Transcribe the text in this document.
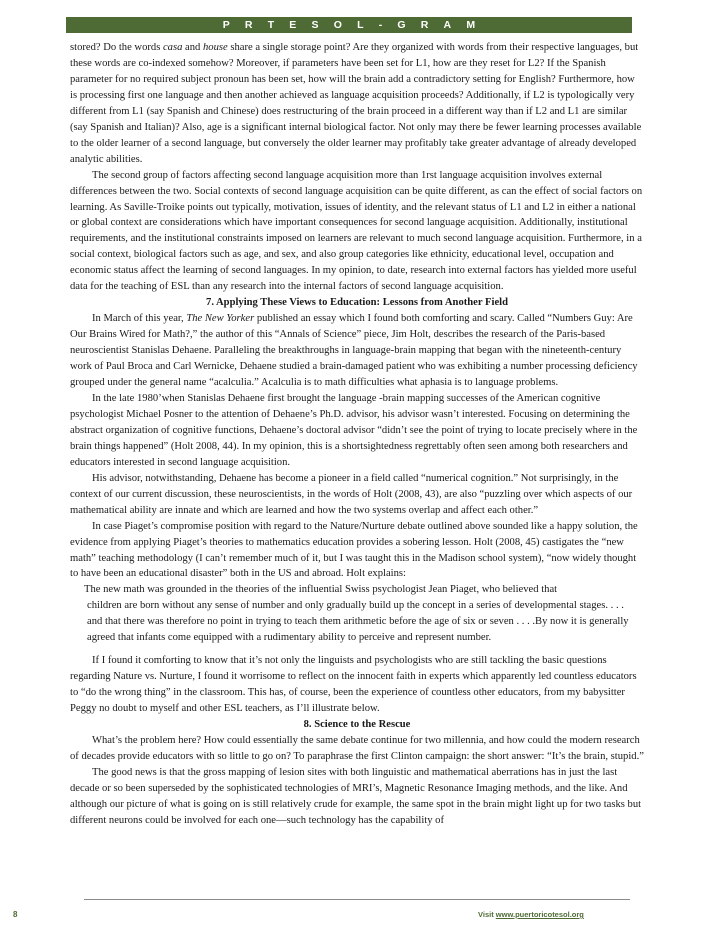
PRTESOL-GRAM

stored? Do the words casa and house share a single storage point? Are they organized with words from their respective languages, but these words are co-indexed somehow? Moreover, if parameters have been set for L1, how are they reset for L2? If the Spanish parameter for no required subject pronoun has been set, how will the brain add a contradictory setting for English? Furthermore, how is processing first one language and then another achieved as language acquisition proceeds? Additionally, if L2 is typologically very different from L1 (say Spanish and Chinese) does restructuring of the brain proceed in a different way than if L2 and L1 are similar (say Spanish and Italian)? Also, age is a significant internal biological factor. Not only may there be fewer learning processes available to the older learner of a second language, but conversely the older learner may profitably take greater advantage of already developed analytic abilities.

The second group of factors affecting second language acquisition more than 1rst language acquisition involves external differences between the two. Social contexts of second language acquisition can be quite different, as can the effect of social factors on learning. As Saville-Troike points out typically, motivation, issues of identity, and the relevant status of L1 and L2 in either a national or global context are considerations which have important consequences for second language acquisition. Additionally, institutional requirements, and the institutional constraints imposed on learners are relevant to much second language acquisition. Furthermore, in a social context, biological factors such as age, and sex, and also group categories like ethnicity, educational level, occupation and economic status affect the learning of second languages. In my opinion, to date, research into external factors has yielded more useful data for the teaching of ESL than any research into the internal factors of second language acquisition.

7. Applying These Views to Education: Lessons from Another Field

In March of this year, The New Yorker published an essay which I found both comforting and scary. Called “Numbers Guy: Are Our Brains Wired for Math?,” the author of this “Annals of Science” piece, Jim Holt, describes the research of the Paris-based neuroscientist Stanislas Dehaene. Paralleling the breakthroughs in language-brain mapping that began with the nineteenth-century work of Paul Broca and Carl Wernicke, Dehaene studied a brain-damaged patient who was exhibiting a number processing deficiency grouped under the general name “acalculia.” Acalculia is to math difficulties what aphasia is to language problems.

In the late 1980’when Stanislas Dehaene first brought the language -brain mapping successes of the American cognitive psychologist Michael Posner to the attention of Dehaene’s Ph.D. advisor, his advisor wasn’t interested. Focusing on determining the abstract organization of cognitive functions, Dehaene’s doctoral advisor “didn’t see the point of trying to locate precisely where in the brain things happened” (Holt 2008, 44). In my opinion, this is a shortsightedness regrettably often seen among both researchers and educators interested in second language acquisition.

His advisor, notwithstanding, Dehaene has become a pioneer in a field called “numerical cognition.” Not surprisingly, in the context of our current discussion, these neuroscientists, in the words of Holt (2008, 43), are also “puzzling over which aspects of our mathematical ability are innate and which are learned and how the two systems overlap and affect each other.”

In case Piaget’s compromise position with regard to the Nature/Nurture debate outlined above sounded like a happy solution, the evidence from applying Piaget’s theories to mathematics education provides a sobering lesson. Holt (2008, 45) castigates the “new math” teaching methodology (I can’t remember much of it, but I was taught this in the Madison school system), “now widely thought to have been an educational disaster” both in the US and abroad. Holt explains:

The new math was grounded in the theories of the influential Swiss psychologist Jean Piaget, who believed that

children are born without any sense of number and only gradually build up the concept in a series of developmental stages. . . . and that there was therefore no point in trying to teach them arithmetic before the age of six or seven . . . .By now it is generally agreed that infants come equipped with a rudimentary ability to perceive and represent number.

If I found it comforting to know that it’s not only the linguists and psychologists who are still tackling the basic questions regarding Nature vs. Nurture, I found it worrisome to reflect on the innocent faith in experts which apparently led countless educators to “do the wrong thing” in the classroom. This has, of course, been the experience of countless other educators, from my babysitter Peggy no doubt to myself and other ESL teachers, as I’ll illustrate below.

8. Science to the Rescue

What’s the problem here? How could essentially the same debate continue for two millennia, and how could the modern research of decades provide educators with so little to go on? To paraphrase the first Clinton campaign: the short answer: “It’s the brain, stupid.”

The good news is that the gross mapping of lesion sites with both linguistic and mathematical aberrations has in just the last decade or so been superseded by the sophisticated technologies of MRI’s, Magnetic Resonance Imaging methods, and the like. And although our picture of what is going on is still relatively crude for example, the same spot in the brain might light up for two tasks but different neurons could be involved for each one—such technology has the capability of

8	Visit www.puertoricotesol.org
